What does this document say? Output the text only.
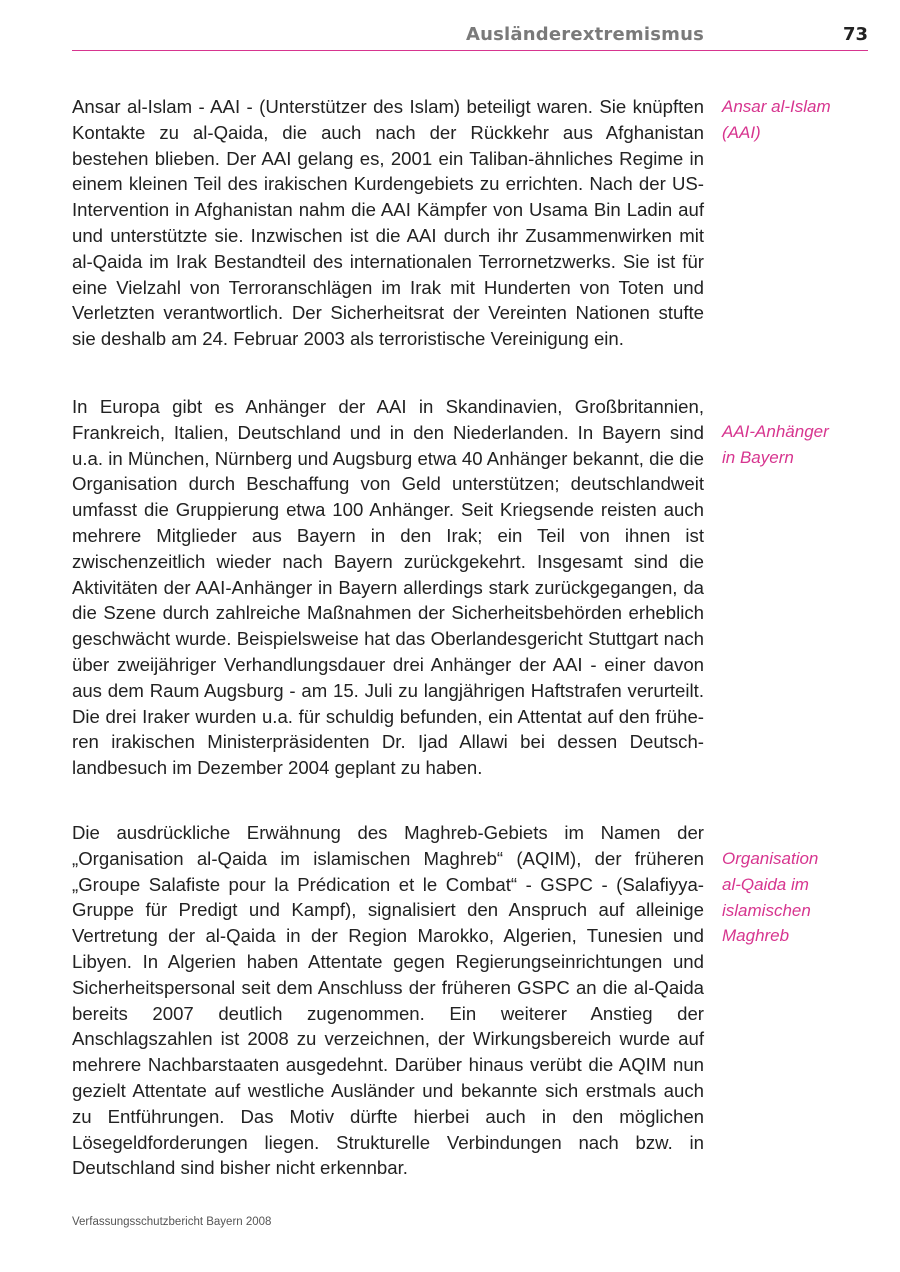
Ausländerextremismus	73

Ansar al-Islam - AAI - (Unterstützer des Islam) beteiligt waren. Sie knüpften Kontakte zu al-Qaida, die auch nach der Rückkehr aus Afghanistan bestehen blieben. Der AAI gelang es, 2001 ein Taliban-ähnliches Regime in einem kleinen Teil des irakischen Kurdengebiets zu errichten. Nach der US-Intervention in Afghanistan nahm die AAI Kämpfer von Usama Bin Ladin auf und unterstützte sie. Inzwischen ist die AAI durch ihr Zusammenwirken mit al-Qaida im Irak Bestandteil des internationalen Terrornetzwerks. Sie ist für eine Vielzahl von Terroranschlägen im Irak mit Hunderten von Toten und Verletzten verantwortlich. Der Sicherheitsrat der Vereinten Nationen stufte sie deshalb am 24. Februar 2003 als terroristische Vereinigung ein.

In Europa gibt es Anhänger der AAI in Skandinavien, Großbritannien, Frankreich, Italien, Deutschland und in den Niederlanden. In Bayern sind u.a. in München, Nürnberg und Augsburg etwa 40 Anhänger bekannt, die die Organisation durch Beschaffung von Geld unterstützen; deutschlandweit umfasst die Gruppierung etwa 100 Anhänger. Seit Kriegsende reisten auch mehrere Mitglieder aus Bayern in den Irak; ein Teil von ihnen ist zwischenzeitlich wieder nach Bayern zurückgekehrt. Insgesamt sind die Aktivitäten der AAI-Anhänger in Bayern allerdings stark zurückgegangen, da die Szene durch zahlreiche Maßnahmen der Sicherheitsbehörden erheblich geschwächt wurde. Beispielsweise hat das Oberlandesgericht Stuttgart nach über zweijähriger Verhandlungsdauer drei Anhänger der AAI - einer davon aus dem Raum Augsburg - am 15. Juli zu langjährigen Haftstrafen verurteilt. Die drei Iraker wurden u.a. für schuldig befunden, ein Attentat auf den früheren irakischen Ministerpräsidenten Dr. Ijad Allawi bei dessen Deutschlandbesuch im Dezember 2004 geplant zu haben.

Die ausdrückliche Erwähnung des Maghreb-Gebiets im Namen der „Organisation al-Qaida im islamischen Maghreb“ (AQIM), der früheren „Groupe Salafiste pour la Prédication et le Combat“ - GSPC - (Salafiyya-Gruppe für Predigt und Kampf), signalisiert den Anspruch auf alleinige Vertretung der al-Qaida in der Region Marokko, Algerien, Tunesien und Libyen. In Algerien haben Attentate gegen Regierungseinrichtungen und Sicherheitspersonal seit dem Anschluss der früheren GSPC an die al-Qaida bereits 2007 deutlich zugenommen. Ein weiterer Anstieg der Anschlagszahlen ist 2008 zu verzeichnen, der Wirkungsbereich wurde auf mehrere Nachbarstaaten ausgedehnt. Darüber hinaus verübt die AQIM nun gezielt Attentate auf westliche Ausländer und bekannte sich erstmals auch zu Entführungen. Das Motiv dürfte hierbei auch in den möglichen Lösegeldforderungen liegen. Strukturelle Verbindungen nach bzw. in Deutschland sind bisher nicht erkennbar.

Ansar al-Islam
(AAI)
AAI-Anhänger
in Bayern
Organisation
al-Qaida im
islamischen
Maghreb
Verfassungsschutzbericht Bayern 2008
